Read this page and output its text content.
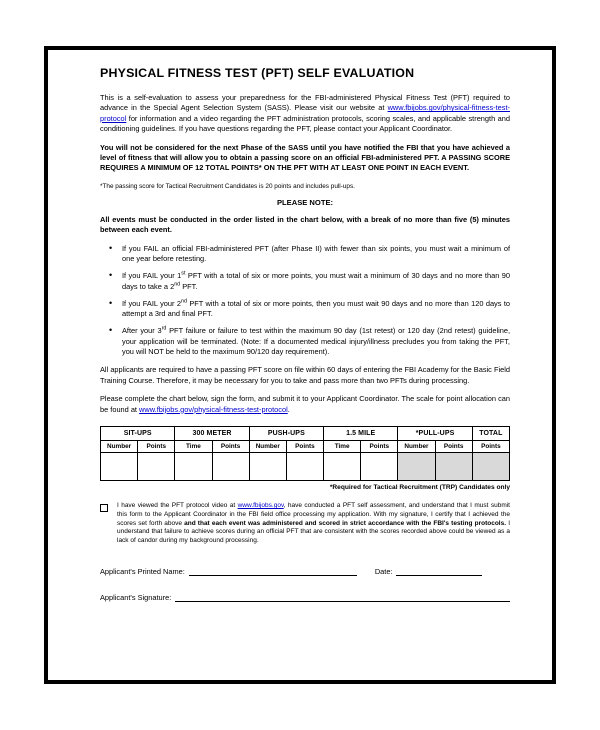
PHYSICAL FITNESS TEST (PFT) SELF EVALUATION

This is a self-evaluation to assess your preparedness for the FBI-administered Physical Fitness Test (PFT) required to advance in the Special Agent Selection System (SASS). Please visit our website at www.fbijobs.gov/physical-fitness-test-protocol for information and a video regarding the PFT administration protocols, scoring scales, and applicable strength and conditioning guidelines. If you have questions regarding the PFT, please contact your Applicant Coordinator.

You will not be considered for the next Phase of the SASS until you have notified the FBI that you have achieved a level of fitness that will allow you to obtain a passing score on an official FBI-administered PFT. A PASSING SCORE REQUIRES A MINIMUM OF 12 TOTAL POINTS* ON THE PFT WITH AT LEAST ONE POINT IN EACH EVENT.

*The passing score for Tactical Recruitment Candidates is 20 points and includes pull-ups.

PLEASE NOTE:

All events must be conducted in the order listed in the chart below, with a break of no more than five (5) minutes between each event.

• If you FAIL an official FBI-administered PFT (after Phase II) with fewer than six points, you must wait a minimum of one year before retesting.
• If you FAIL your 1st PFT with a total of six or more points, you must wait a minimum of 30 days and no more than 90 days to take a 2nd PFT.
• If you FAIL your 2nd PFT with a total of six or more points, then you must wait 90 days and no more than 120 days to attempt a 3rd and final PFT.
• After your 3rd PFT failure or failure to test within the maximum 90 day (1st retest) or 120 day (2nd retest) guideline, your application will be terminated. (Note: If a documented medical injury/illness precludes you from taking the PFT, you will NOT be held to the maximum 90/120 day requirement).

All applicants are required to have a passing PFT score on file within 60 days of entering the FBI Academy for the Basic Field Training Course. Therefore, it may be necessary for you to take and pass more than two PFTs during processing.

Please complete the chart below, sign the form, and submit it to your Applicant Coordinator. The scale for point allocation can be found at www.fbijobs.gov/physical-fitness-test-protocol.

SIT-UPS		300 METER		PUSH-UPS		1.5 MILE		*PULL-UPS		TOTAL
Number	Points	Time	Points	Number	Points	Time	Points	Number	Points	Points

*Required for Tactical Recruitment (TRP) Candidates only
I have viewed the PFT protocol video at www.fbijobs.gov, have conducted a PFT self assessment, and understand that I must submit this form to the Applicant Coordinator in the FBI field office processing my application. With my signature, I certify that I achieved the scores set forth above and that each event was administered and scored in strict accordance with the FBI's testing protocols. I understand that failure to achieve scores during an official PFT that are consistent with the scores recorded above could be viewed as a lack of candor during my background processing.
Applicant's Printed Name:	Date:
Applicant's Signature:
